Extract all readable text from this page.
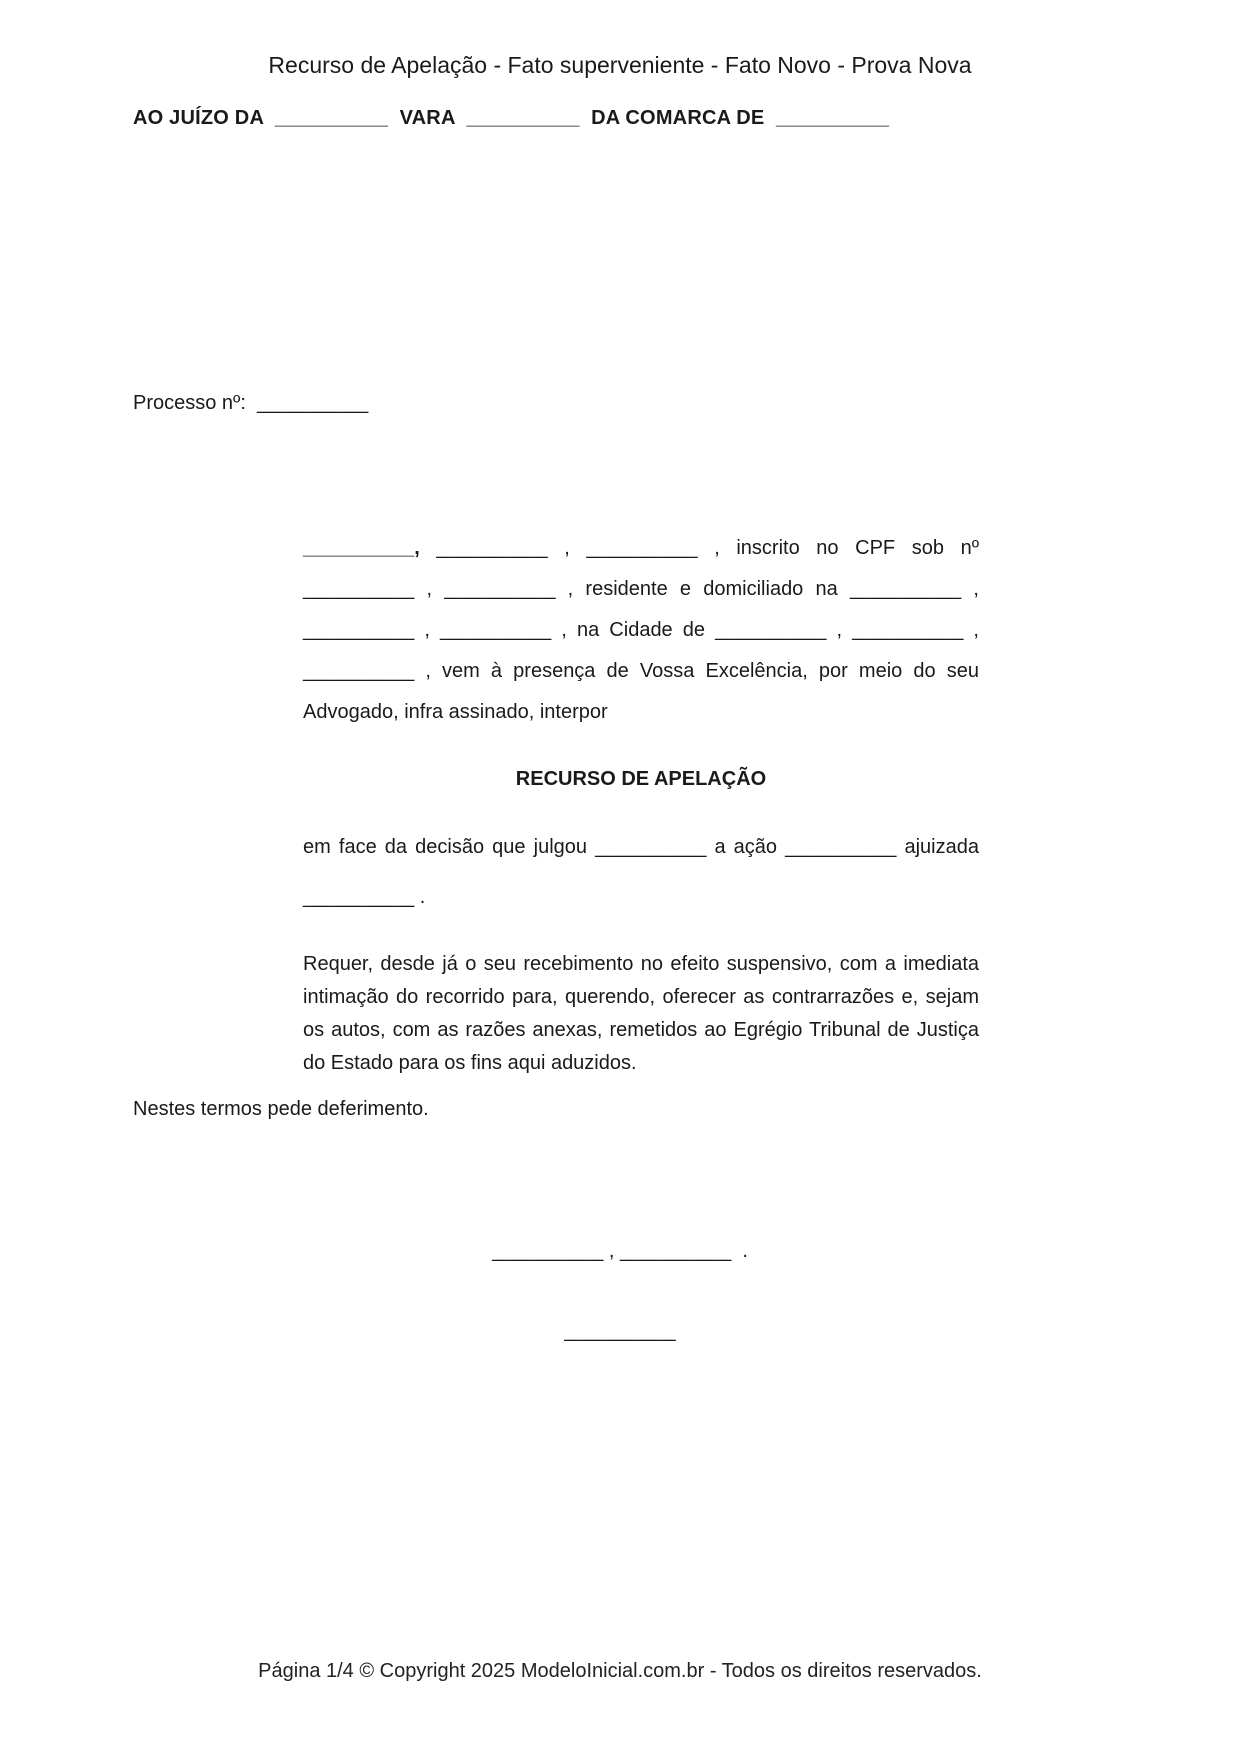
Recurso de Apelação - Fato superveniente - Fato Novo - Prova Nova
AO JUÍZO DA  __________  VARA  __________  DA COMARCA DE  __________
Processo nº:  __________

__________, __________ , __________ , inscrito no CPF sob nº __________ , __________ , residente e domiciliado na __________ , __________ , __________ , na Cidade de __________ , __________ , __________ , vem à presença de Vossa Excelência, por meio do seu Advogado, infra assinado, interpor

RECURSO DE APELAÇÃO

em face da decisão que julgou __________ a ação __________ ajuizada __________ .

Requer, desde já o seu recebimento no efeito suspensivo, com a imediata intimação do recorrido para, querendo, oferecer as contrarrazões e, sejam os autos, com as razões anexas, remetidos ao Egrégio Tribunal de Justiça do Estado para os fins aqui aduzidos.

Nestes termos pede deferimento.
__________ , __________  .
__________
Página 1/4 © Copyright 2025 ModeloInicial.com.br - Todos os direitos reservados.
